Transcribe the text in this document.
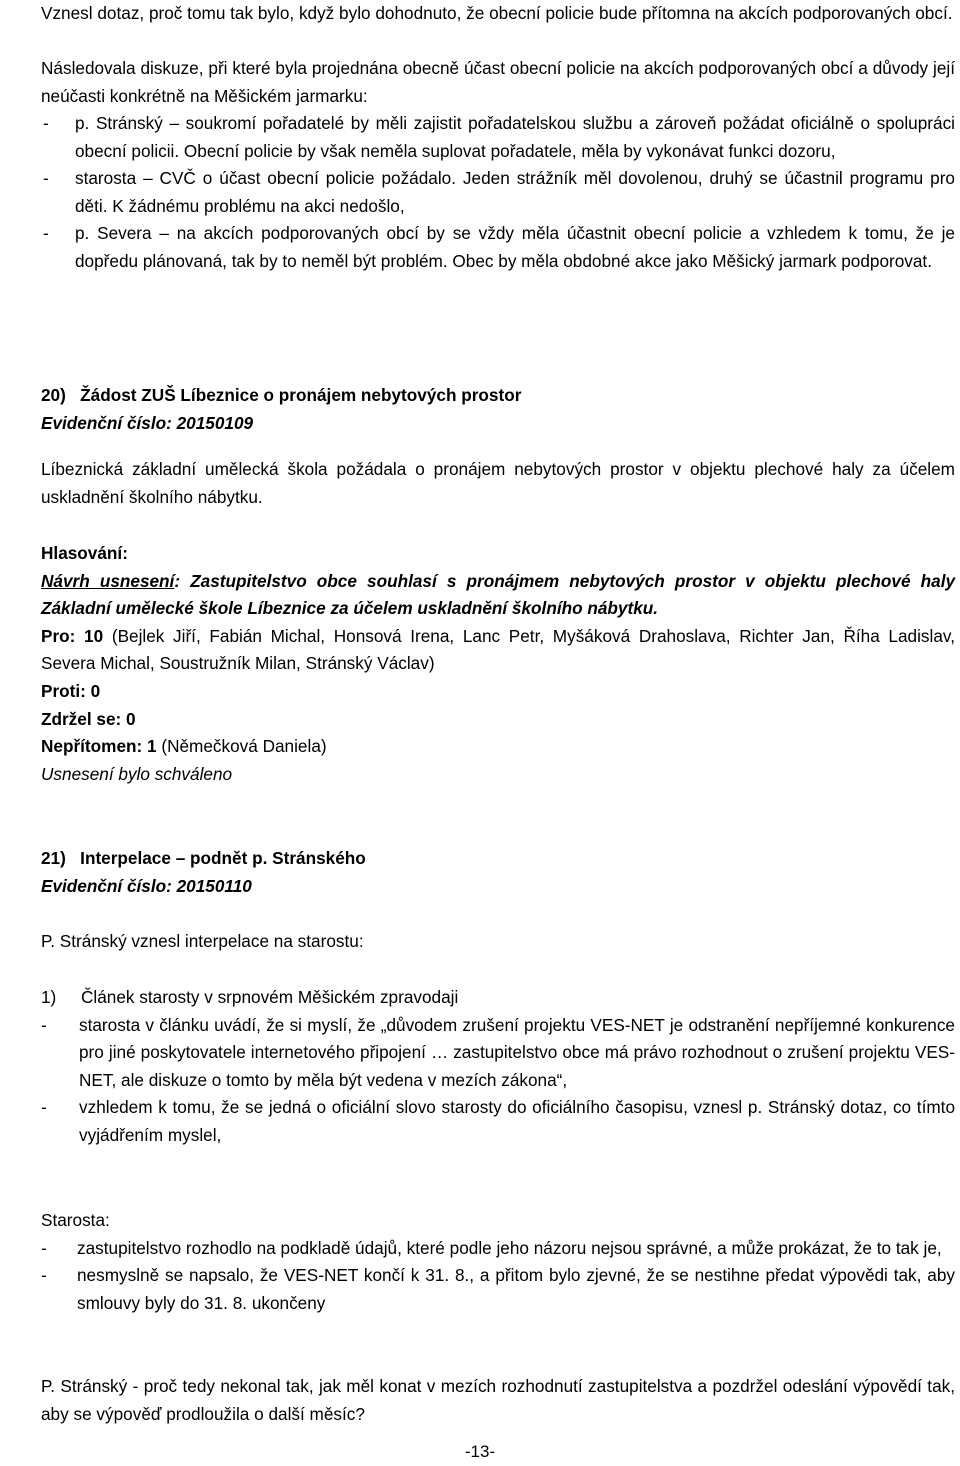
Vznesl dotaz, proč tomu tak bylo, když bylo dohodnuto, že obecní policie bude přítomna na akcích podporovaných obcí.

Následovala diskuze, při které byla projednána obecně účast obecní policie na akcích podporovaných obcí a důvody její neúčasti konkrétně na Měšickém jarmarku:

- p. Stránský – soukromí pořadatelé by měli zajistit pořadatelskou službu a zároveň požádat oficiálně o spolupráci obecní policii. Obecní policie by však neměla suplovat pořadatele, měla by vykonávat funkci dozoru,

- starosta – CVČ o účast obecní policie požádalo. Jeden strážník měl dovolenou, druhý se účastnil programu pro děti. K žádnému problému na akci nedošlo,

- p. Severa – na akcích podporovaných obcí by se vždy měla účastnit obecní policie a vzhledem k tomu, že je dopředu plánovaná, tak by to neměl být problém. Obec by měla obdobné akce jako Měšický jarmark podporovat.

20) Žádost ZUŠ Líbeznice o pronájem nebytových prostor

Evidenční číslo: 20150109

Líbeznická základní umělecká škola požádala o pronájem nebytových prostor v objektu plechové haly za účelem uskladnění školního nábytku.

Hlasování:

Návrh usnesení: Zastupitelstvo obce souhlasí s pronájmem nebytových prostor v objektu plechové haly Základní umělecké škole Líbeznice za účelem uskladnění školního nábytku.

Pro: 10 (Bejlek Jiří, Fabián Michal, Honsová Irena, Lanc Petr, Myšáková Drahoslava, Richter Jan, Říha Ladislav, Severa Michal, Soustružník Milan, Stránský Václav)

Proti: 0

Zdržel se: 0

Nepřítomen: 1 (Němečková Daniela)

Usnesení bylo schváleno

21) Interpelace – podnět p. Stránského

Evidenční číslo: 20150110

P. Stránský vznesl interpelace na starostu:

1) Článek starosty v srpnovém Měšickém zpravodaji

- starosta v článku uvádí, že si myslí, že „důvodem zrušení projektu VES-NET je odstranění nepříjemné konkurence pro jiné poskytovatele internetového připojení … zastupitelstvo obce má právo rozhodnout o zrušení projektu VES-NET, ale diskuze o tomto by měla být vedena v mezích zákona“,

- vzhledem k tomu, že se jedná o oficiální slovo starosty do oficiálního časopisu, vznesl p. Stránský dotaz, co tímto vyjádřením myslel,

Starosta:

- zastupitelstvo rozhodlo na podkladě údajů, které podle jeho názoru nejsou správné, a může prokázat, že to tak je,

- nesmyslně se napsalo, že VES-NET končí k 31. 8., a přitom bylo zjevné, že se nestihne předat výpovědi tak, aby smlouvy byly do 31. 8. ukončeny

P. Stránský - proč tedy nekonal tak, jak měl konat v mezích rozhodnutí zastupitelstva a pozdržel odeslání výpovědí tak, aby se výpověď prodloužila o další měsíc?

-13-
